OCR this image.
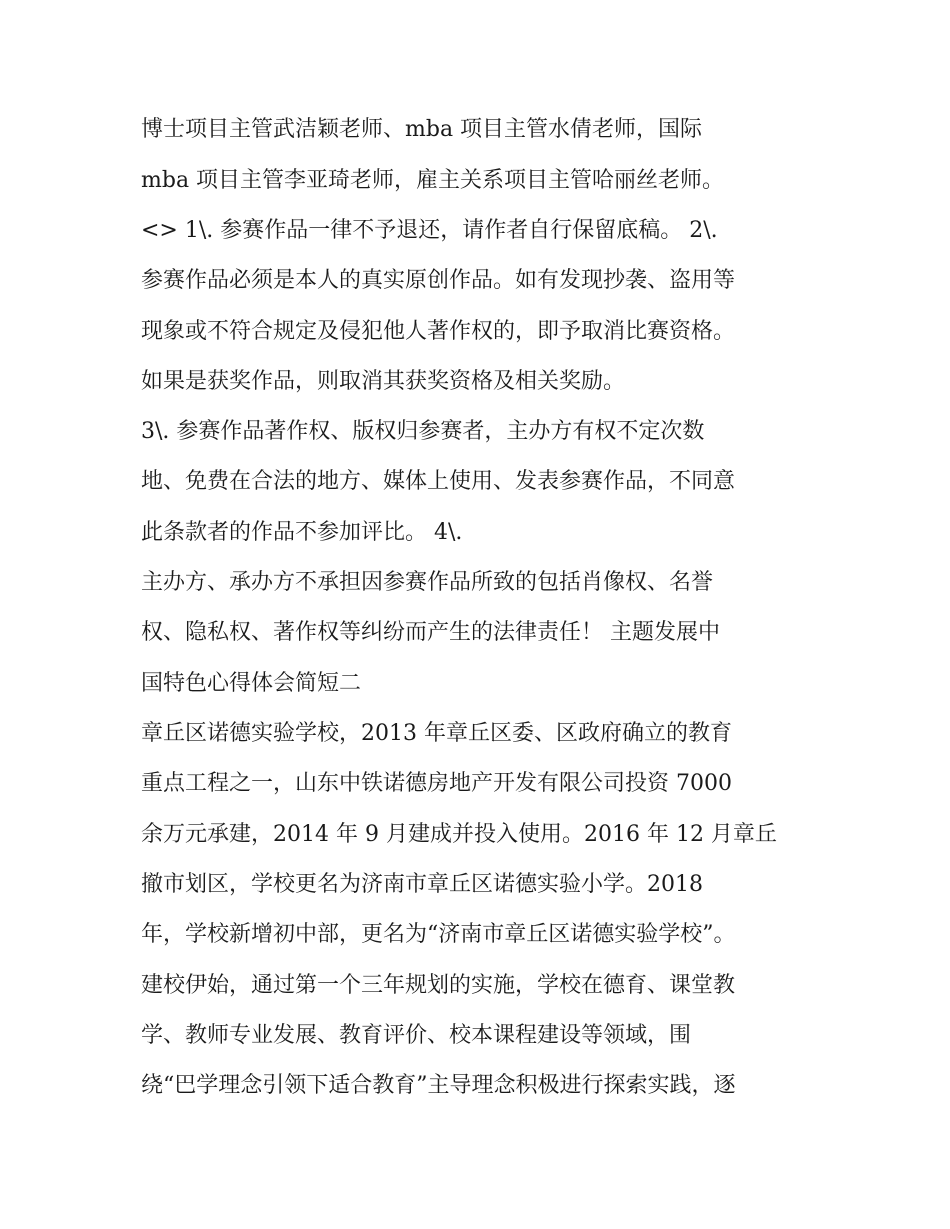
博士项目主管武洁颖老师、mba 项目主管水倩老师，国际
mba 项目主管李亚琦老师，雇主关系项目主管哈丽丝老师。
<> 1\. 参赛作品一律不予退还，请作者自行保留底稿。 2\.
参赛作品必须是本人的真实原创作品。如有发现抄袭、盗用等
现象或不符合规定及侵犯他人著作权的，即予取消比赛资格。
如果是获奖作品，则取消其获奖资格及相关奖励。
3\. 参赛作品著作权、版权归参赛者，主办方有权不定次数
地、免费在合法的地方、媒体上使用、发表参赛作品，不同意
此条款者的作品不参加评比。 4\.
主办方、承办方不承担因参赛作品所致的包括肖像权、名誉
权、隐私权、著作权等纠纷而产生的法律责任！ 主题发展中
国特色心得体会简短二
章丘区诺德实验学校，2013 年章丘区委、区政府确立的教育
重点工程之一，山东中铁诺德房地产开发有限公司投资 7000
余万元承建，2014 年 9 月建成并投入使用。2016 年 12 月章丘
撤市划区，学校更名为济南市章丘区诺德实验小学。2018
年，学校新增初中部，更名为“济南市章丘区诺德实验学校”。
建校伊始，通过第一个三年规划的实施，学校在德育、课堂教
学、教师专业发展、教育评价、校本课程建设等领域，围
绕“巴学理念引领下适合教育”主导理念积极进行探索实践，逐
